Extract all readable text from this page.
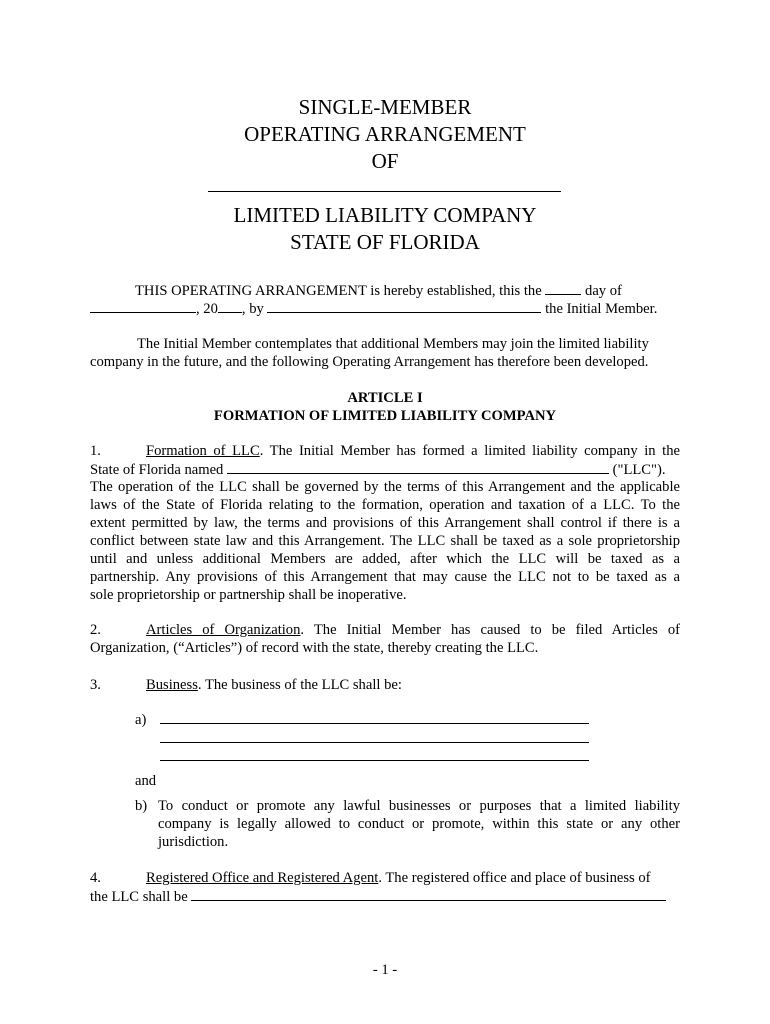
SINGLE-MEMBER
OPERATING ARRANGEMENT
OF
LIMITED LIABILITY COMPANY
STATE OF FLORIDA
THIS OPERATING ARRANGEMENT is hereby established, this the	day of
, 20 , by	the Initial Member.
The Initial Member contemplates that additional Members may join the limited liability
company in the future, and the following Operating Arrangement has therefore been developed.
ARTICLE I
FORMATION OF LIMITED LIABILITY COMPANY
1.	Formation of LLC. The Initial Member has formed a limited liability company in the
State of Florida named	("LLC").
The operation of the LLC shall be governed by the terms of this Arrangement and the applicable
laws of the State of Florida relating to the formation, operation and taxation of a LLC. To the
extent permitted by law, the terms and provisions of this Arrangement shall control if there is a
conflict between state law and this Arrangement. The LLC shall be taxed as a sole proprietorship
until and unless additional Members are added, after which the LLC will be taxed as a
partnership. Any provisions of this Arrangement that may cause the LLC not to be taxed as a
sole proprietorship or partnership shall be inoperative.
2.	Articles of Organization. The Initial Member has caused to be filed Articles of
Organization, (“Articles”) of record with the state, thereby creating the LLC.
3.	Business. The business of the LLC shall be:
a)
and
b) To conduct or promote any lawful businesses or purposes that a limited liability
company is legally allowed to conduct or promote, within this state or any other
jurisdiction.
4.	Registered Office and Registered Agent. The registered office and place of business of
the LLC shall be
- 1 -
